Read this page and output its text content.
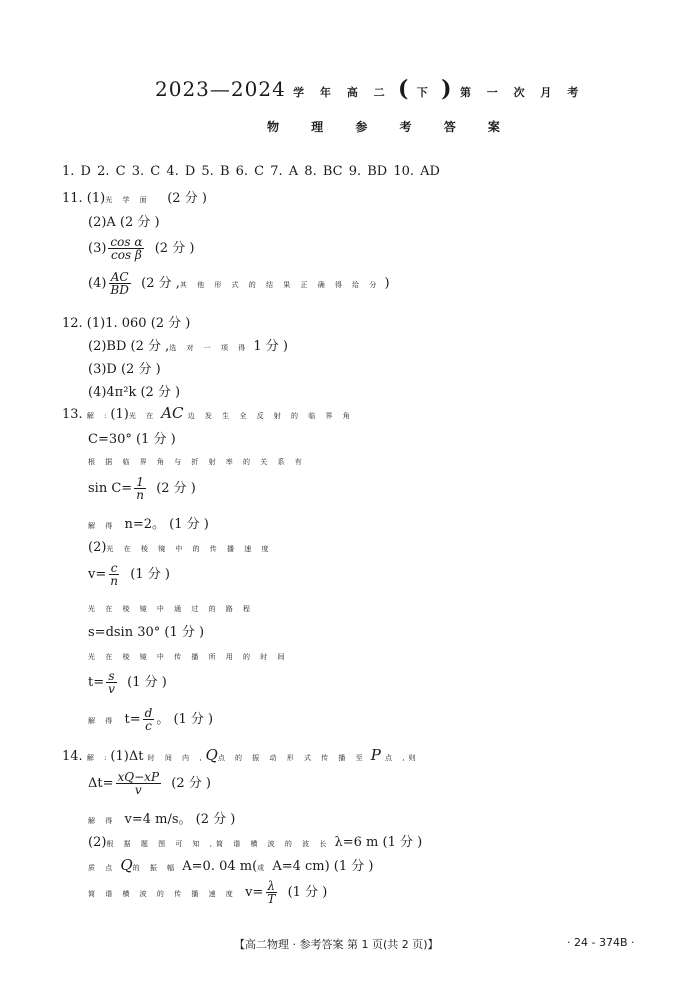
2023—2024 学 年 高 二 ( 下 ) 第 一 次 月 考
物 理 参 考 答 案
1. D 2. C 3. C 4. D 5. B 6. C 7. A 8. BC 9. BD 10. AD
11. (1)光 学 面 (2 分 )
(2)A (2 分 )
$(3) \frac{\text{cos α}}{\text{cos β}} (2$ 分 )
$(4) \frac{AC}{BD} (2$ 分 ,其 他 形 式 的 结 果 正 确 得 给 分 )
12. (1)1. 060 (2 分 )
(2)BD (2 分 ,选 对 一 项 得 1 分 )
(3)D (2 分 )
(4)4π²k (2 分 )
13. 解 :(1)光 在 AC 边 发 生 全 反 射 的 临 界 角
C=30° (1 分 )
根 据 临 界 角 与 折 射 率 的 关 系 有
$\sin C= \frac{1}{n} (2$ 分 )
解 得 n=2。 (1 分 )
(2)光 在 棱 镜 中 的 传 播 速 度
$v= \frac{c}{n} (1$ 分 )
光 在 棱 镜 中 通 过 的 路 程
s=dsin 30° (1 分 )
光 在 棱 镜 中 传 播 所 用 的 时 间
$t= \frac{s}{v} (1$ 分 )
解 得 $t= \frac{d}{c}$ 。 (1 分 )
14. 解 :(1)Δt 时 间 内 ,Q点 的 振 动 形 式 传 播 至 P 点 ,则
$\Delta t= \frac{xQ-xP}{v} (2$ 分 )
解 得 v=4 m/s。 (2 分 )
(2)根 据 题 图 可 知 ,简 谐 横 波 的 波 长 λ=6 m (1 分 )
质 点 Q的 振 幅 A=0. 04 m(或 A=4 cm) (1 分 )
简 谐 横 波 的 传 播 速 度 $v= \frac{\lambda}{T} (1$ 分 )
【高二物理 · 参考答案 第 1 页(共 2 页)】	· 24 - 374B ·
